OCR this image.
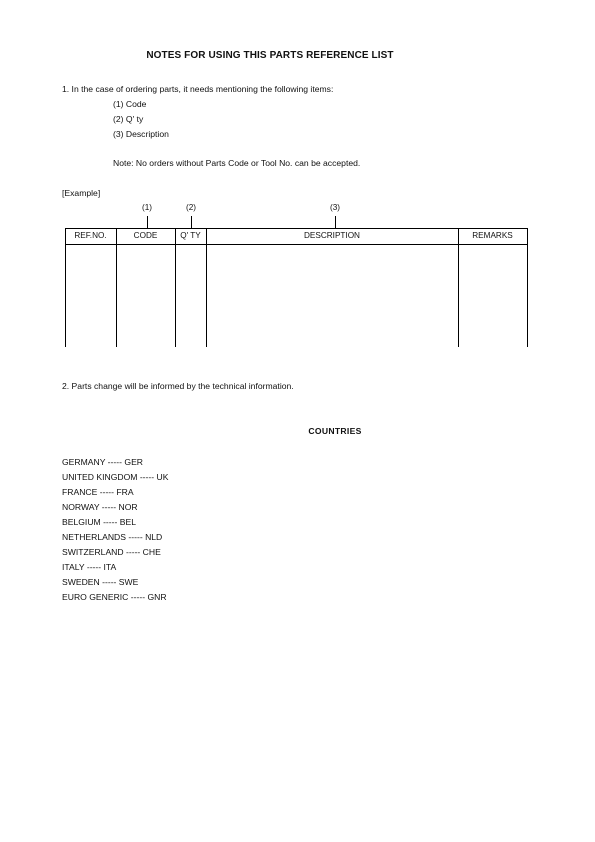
NOTES FOR USING THIS PARTS REFERENCE LIST
1. In the case of ordering parts, it needs mentioning the following items:
(1) Code
(2) Q' ty
(3) Description
Note: No orders without Parts Code or Tool No. can be accepted.
[Example]
(1)	(2)	(3)
REF.NO.	CODE	Q' TY	DESCRIPTION	REMARKS
2. Parts change will be informed by the technical information.
COUNTRIES
GERMANY ----- GER
UNITED KINGDOM ----- UK
FRANCE ----- FRA
NORWAY ----- NOR
BELGIUM ----- BEL
NETHERLANDS ----- NLD
SWITZERLAND ----- CHE
ITALY ----- ITA
SWEDEN ----- SWE
EURO GENERIC ----- GNR
